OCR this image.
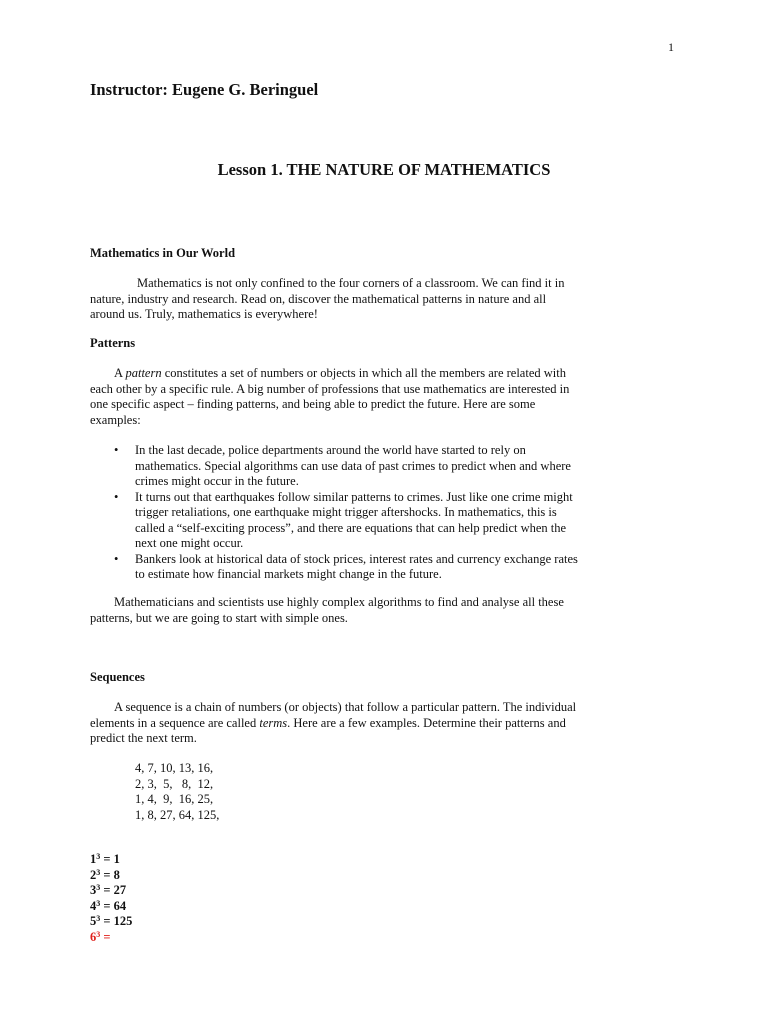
1
Instructor: Eugene G. Beringuel
Lesson 1. THE NATURE OF MATHEMATICS
Mathematics in Our World
Mathematics is not only confined to the four corners of a classroom. We can find it in
nature, industry and research. Read on, discover the mathematical patterns in nature and all
around us. Truly, mathematics is everywhere!
Patterns
A pattern constitutes a set of numbers or objects in which all the members are related with
each other by a specific rule. A big number of professions that use mathematics are interested in
one specific aspect – finding patterns, and being able to predict the future. Here are some
examples:
• In the last decade, police departments around the world have started to rely on
mathematics. Special algorithms can use data of past crimes to predict when and where
crimes might occur in the future.
• It turns out that earthquakes follow similar patterns to crimes. Just like one crime might
trigger retaliations, one earthquake might trigger aftershocks. In mathematics, this is
called a “self-exciting process”, and there are equations that can help predict when the
next one might occur.
• Bankers look at historical data of stock prices, interest rates and currency exchange rates
to estimate how financial markets might change in the future.
Mathematicians and scientists use highly complex algorithms to find and analyse all these
patterns, but we are going to start with simple ones.
Sequences
A sequence is a chain of numbers (or objects) that follow a particular pattern. The individual
elements in a sequence are called terms. Here are a few examples. Determine their patterns and
predict the next term.
4, 7, 10, 13, 16,
2, 3,  5,   8,  12,
1, 4,  9,  16, 25,
1, 8, 27, 64, 125,
$1^3 = 1$
$2^3 = 8$
$3^3 = 27$
$4^3 = 64$
$5^3 = 125$
$6^3$ =
